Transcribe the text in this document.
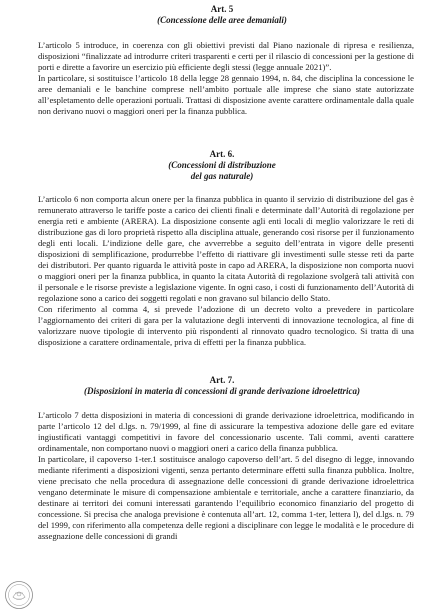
Art. 5
(Concessione delle aree demaniali)

L’articolo 5 introduce, in coerenza con gli obiettivi previsti dal Piano nazionale di ripresa e resilienza, disposizioni “finalizzate ad introdurre criteri trasparenti e certi per il rilascio di concessioni per la gestione di porti e dirette a favorire un esercizio più efficiente degli stessi (legge annuale 2021)”.

In particolare, si sostituisce l’articolo 18 della legge 28 gennaio 1994, n. 84, che disciplina la concessione le aree demaniali e le banchine comprese nell’ambito portuale alle imprese che siano state autorizzate all’espletamento delle operazioni portuali. Trattasi di disposizione avente carattere ordinamentale dalla quale non derivano nuovi o maggiori oneri per la finanza pubblica.

Art. 6.
(Concessioni di distribuzione
del gas naturale)

L’articolo 6 non comporta alcun onere per la finanza pubblica in quanto il servizio di distribuzione del gas è remunerato attraverso le tariffe poste a carico dei clienti finali e determinate dall’Autorità di regolazione per energia reti e ambiente (ARERA). La disposizione consente agli enti locali di meglio valorizzare le reti di distribuzione gas di loro proprietà rispetto alla disciplina attuale, generando così risorse per il funzionamento degli enti locali. L’indizione delle gare, che avverrebbe a seguito dell’entrata in vigore delle presenti disposizioni di semplificazione, produrrebbe l’effetto di riattivare gli investimenti sulle stesse reti da parte dei distributori. Per quanto riguarda le attività poste in capo ad ARERA, la disposizione non comporta nuovi o maggiori oneri per la finanza pubblica, in quanto la citata Autorità di regolazione svolgerà tali attività con il personale e le risorse previste a legislazione vigente. In ogni caso, i costi di funzionamento dell’Autorità di regolazione sono a carico dei soggetti regolati e non gravano sul bilancio dello Stato.

Con riferimento al comma 4, si prevede l’adozione di un decreto volto a prevedere in particolare l’aggiornamento dei criteri di gara per la valutazione degli interventi di innovazione tecnologica, al fine di valorizzare nuove tipologie di intervento più rispondenti al rinnovato quadro tecnologico. Si tratta di una disposizione a carattere ordinamentale, priva di effetti per la finanza pubblica.

Art. 7.
(Disposizioni in materia di concessioni di grande derivazione idroelettrica)

L’articolo 7 detta disposizioni in materia di concessioni di grande derivazione idroelettrica, modificando in parte l’articolo 12 del d.lgs. n. 79/1999, al fine di assicurare la tempestiva adozione delle gare ed evitare ingiustificati vantaggi competitivi in favore del concessionario uscente. Tali commi, aventi carattere ordinamentale, non comportano nuovi o maggiori oneri a carico della finanza pubblica.

In particolare, il capoverso 1-ter.1 sostituisce analogo capoverso dell’art. 5 del disegno di legge, innovando mediante riferimenti a disposizioni vigenti, senza pertanto determinare effetti sulla finanza pubblica. Inoltre, viene precisato che nella procedura di assegnazione delle concessioni di grande derivazione idroelettrica vengano determinate le misure di compensazione ambientale e territoriale, anche a carattere finanziario, da destinare ai territori dei comuni interessati garantendo l’equilibrio economico finanziario del progetto di concessione. Si precisa che analoga previsione è contenuta all’art. 12, comma 1-ter, lettera l), del d.lgs. n. 79 del 1999, con riferimento alla competenza delle regioni a disciplinare con legge le modalità e le procedure di assegnazione delle concessioni di grandi
